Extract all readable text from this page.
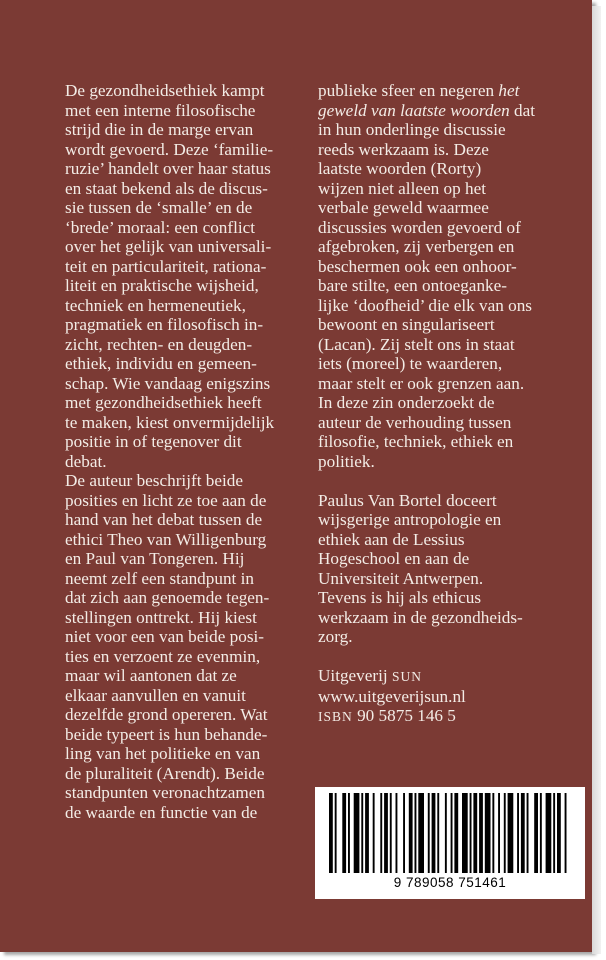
De gezondheidsethiek kampt
met een interne filosofische
strijd die in de marge ervan
wordt gevoerd. Deze ‘familie-
ruzie’ handelt over haar status
en staat bekend als de discus-
sie tussen de ‘smalle’ en de
‘brede’ moraal: een conflict
over het gelijk van universali-
teit en particulariteit, rationa-
liteit en praktische wijsheid,
techniek en hermeneutiek,
pragmatiek en filosofisch in-
zicht, rechten- en deugden-
ethiek, individu en gemeen-
schap. Wie vandaag enigszins
met gezondheidsethiek heeft
te maken, kiest onvermijdelijk
positie in of tegenover dit
debat.

De auteur beschrijft beide
posities en licht ze toe aan de
hand van het debat tussen de
ethici Theo van Willigenburg
en Paul van Tongeren. Hij
neemt zelf een standpunt in
dat zich aan genoemde tegen-
stellingen onttrekt. Hij kiest
niet voor een van beide posi-
ties en verzoent ze evenmin,
maar wil aantonen dat ze
elkaar aanvullen en vanuit
dezelfde grond opereren. Wat
beide typeert is hun behande-
ling van het politieke en van
de pluraliteit (Arendt). Beide
standpunten veronachtzamen
de waarde en functie van de

publieke sfeer en negeren het
geweld van laatste woorden dat
in hun onderlinge discussie
reeds werkzaam is. Deze
laatste woorden (Rorty)
wijzen niet alleen op het
verbale geweld waarmee
discussies worden gevoerd of
afgebroken, zij verbergen en
beschermen ook een onhoor-
bare stilte, een ontoeganke-
lijke ‘doofheid’ die elk van ons
bewoont en singulariseert
(Lacan). Zij stelt ons in staat
iets (moreel) te waarderen,
maar stelt er ook grenzen aan.

In deze zin onderzoekt de
auteur de verhouding tussen
filosofie, techniek, ethiek en
politiek.

Paulus Van Bortel doceert
wijsgerige antropologie en
ethiek aan de Lessius
Hogeschool en aan de
Universiteit Antwerpen.
Tevens is hij als ethicus
werkzaam in de gezondheids-
zorg.

Uitgeverij SUN
www.uitgeverijsun.nl
ISBN 90 5875 146 5

9 789058 751461
